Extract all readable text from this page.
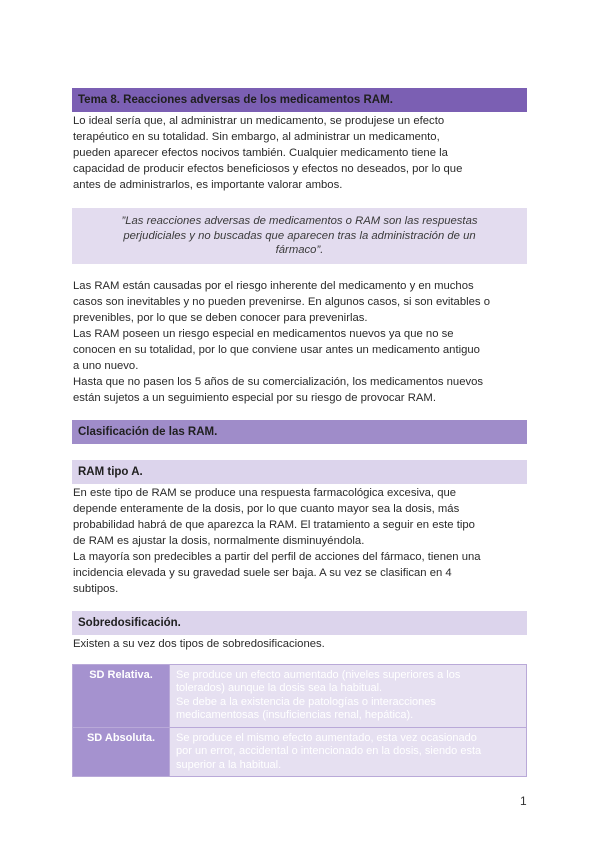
Tema 8. Reacciones adversas de los medicamentos RAM.

Lo ideal sería que, al administrar un medicamento, se produjese un efecto

terapéutico en su totalidad. Sin embargo, al administrar un medicamento,

pueden aparecer efectos nocivos también. Cualquier medicamento tiene la

capacidad de producir efectos beneficiosos y efectos no deseados, por lo que

antes de administrarlos, es importante valorar ambos.

”Las reacciones adversas de medicamentos o RAM son las respuestas
perjudiciales y no buscadas que aparecen tras la administración de un
fármaco”.

Las RAM están causadas por el riesgo inherente del medicamento y en muchos

casos son inevitables y no pueden prevenirse. En algunos casos, si son evitables o

prevenibles, por lo que se deben conocer para prevenirlas.

Las RAM poseen un riesgo especial en medicamentos nuevos ya que no se

conocen en su totalidad, por lo que conviene usar antes un medicamento antiguo

a uno nuevo.

Hasta que no pasen los 5 años de su comercialización, los medicamentos nuevos

están sujetos a un seguimiento especial por su riesgo de provocar RAM.

Clasificación de las RAM.
RAM tipo A.

En este tipo de RAM se produce una respuesta farmacológica excesiva, que

depende enteramente de la dosis, por lo que cuanto mayor sea la dosis, más

probabilidad habrá de que aparezca la RAM. El tratamiento a seguir en este tipo

de RAM es ajustar la dosis, normalmente disminuyéndola.

La mayoría son predecibles a partir del perfil de acciones del fármaco, tienen una

incidencia elevada y su gravedad suele ser baja. A su vez se clasifican en 4

subtipos.

Sobredosificación.

Existen a su vez dos tipos de sobredosificaciones.

SD Relativa.	Se produce un efecto aumentado (niveles superiores a los
tolerados) aunque la dosis sea la habitual.
Se debe a la existencia de patologías o interacciones
medicamentosas (insuficiencias renal, hepática).

SD Absoluta.	Se produce el mismo efecto aumentado, esta vez ocasionado
por un error, accidental o intencionado en la dosis, siendo esta
superior a la habitual.
1
